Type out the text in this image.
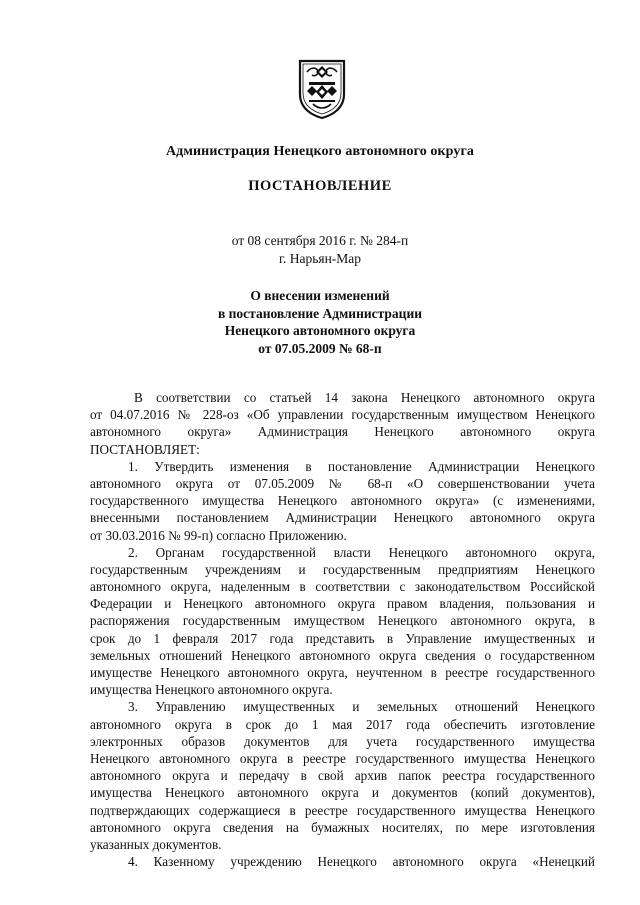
Администрация Ненецкого автономного округа
ПОСТАНОВЛЕНИЕ
от 08 сентября 2016 г. № 284-п
г. Нарьян-Мар
О внесении изменений
в постановление Администрации
Ненецкого автономного округа
от 07.05.2009 № 68-п
В соответствии со статьей 14 закона Ненецкого автономного округа
от 04.07.2016 № 228-оз «Об управлении государственным имуществом Ненецкого
автономного округа» Администрация Ненецкого автономного округа
ПОСТАНОВЛЯЕТ:
1. Утвердить изменения в постановление Администрации Ненецкого
автономного округа от 07.05.2009 № 68-п «О совершенствовании учета
государственного имущества Ненецкого автономного округа» (с изменениями,
внесенными постановлением Администрации Ненецкого автономного округа
от 30.03.2016 № 99-п) согласно Приложению.
2. Органам государственной власти Ненецкого автономного округа,
государственным учреждениям и государственным предприятиям Ненецкого
автономного округа, наделенным в соответствии с законодательством Российской
Федерации и Ненецкого автономного округа правом владения, пользования и
распоряжения государственным имуществом Ненецкого автономного округа, в
срок до 1 февраля 2017 года представить в Управление имущественных и
земельных отношений Ненецкого автономного округа сведения о государственном
имуществе Ненецкого автономного округа, неучтенном в реестре государственного
имущества Ненецкого автономного округа.
3. Управлению имущественных и земельных отношений Ненецкого
автономного округа в срок до 1 мая 2017 года обеспечить изготовление
электронных образов документов для учета государственного имущества
Ненецкого автономного округа в реестре государственного имущества Ненецкого
автономного округа и передачу в свой архив папок реестра государственного
имущества Ненецкого автономного округа и документов (копий документов),
подтверждающих содержащиеся в реестре государственного имущества Ненецкого
автономного округа сведения на бумажных носителях, по мере изготовления
указанных документов.
4. Казенному учреждению Ненецкого автономного округа «Ненецкий
